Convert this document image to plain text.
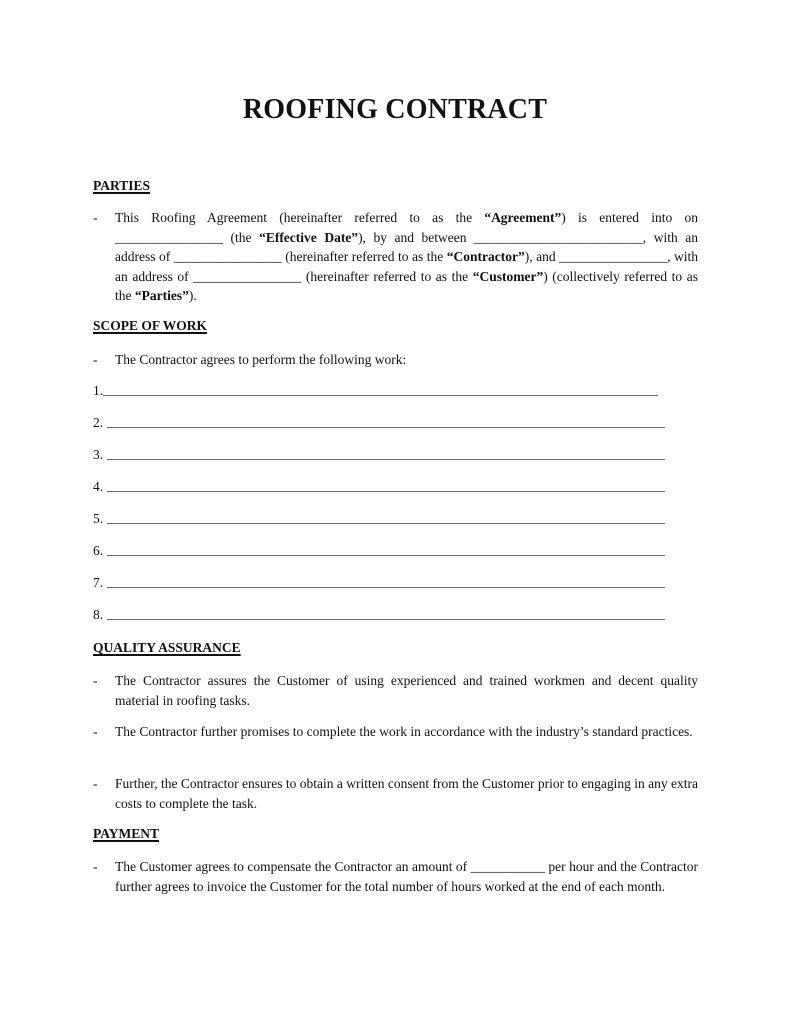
ROOFING CONTRACT
PARTIES
-	This Roofing Agreement (hereinafter referred to as the “Agreement”) is entered into on ________________ (the “Effective Date”), by and between _________________________, with an address of ________________ (hereinafter referred to as the “Contractor”), and ________________, with an address of ________________ (hereinafter referred to as the “Customer”) (collectively referred to as the “Parties”).
SCOPE OF WORK
-	The Contractor agrees to perform the following work:
1.
2.
3.
4.
5.
6.
7.
8.
QUALITY ASSURANCE
-	The Contractor assures the Customer of using experienced and trained workmen and decent quality material in roofing tasks.
-	The Contractor further promises to complete the work in accordance with the industry’s standard practices.
-	Further, the Contractor ensures to obtain a written consent from the Customer prior to engaging in any extra costs to complete the task.
PAYMENT
-	The Customer agrees to compensate the Contractor an amount of ___________ per hour and the Contractor further agrees to invoice the Customer for the total number of hours worked at the end of each month.
